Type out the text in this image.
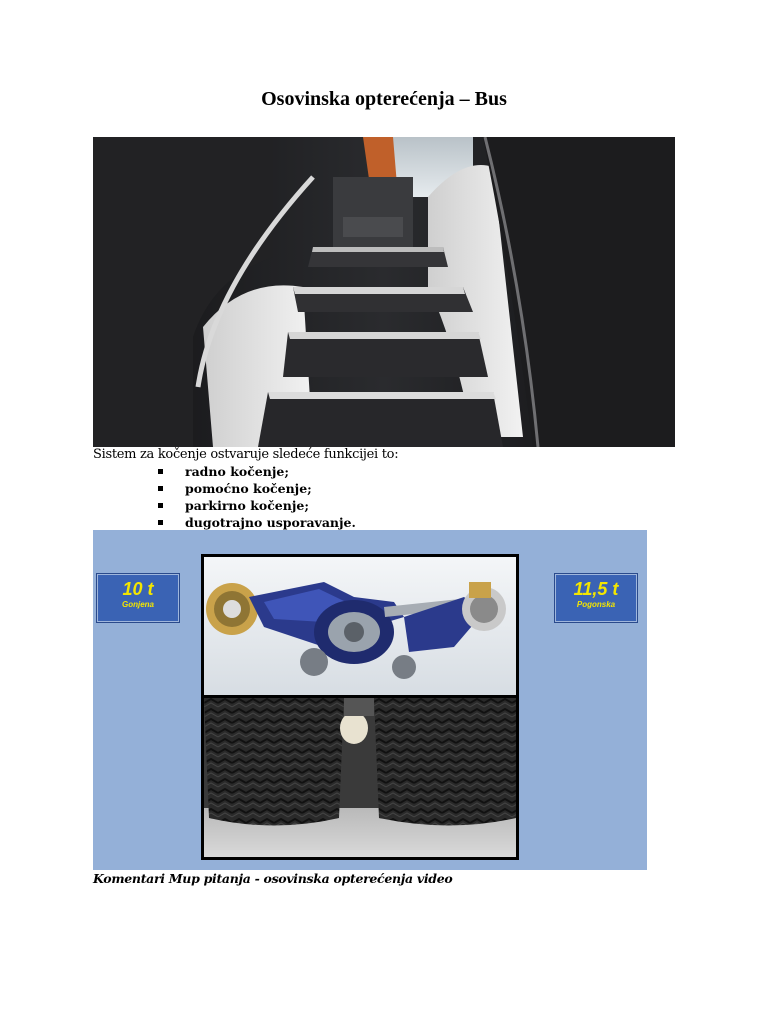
Osovinska opterećenja – Bus
Sistem za kočenje ostvaruje sledeće funkcijei to:
radno kočenje;
pomoćno kočenje;
parkirno kočenje;
dugotrajno usporavanje.
10 t
Gonjena
11,5 t
Pogonska
Komentari Mup pitanja - osovinska opterećenja video
